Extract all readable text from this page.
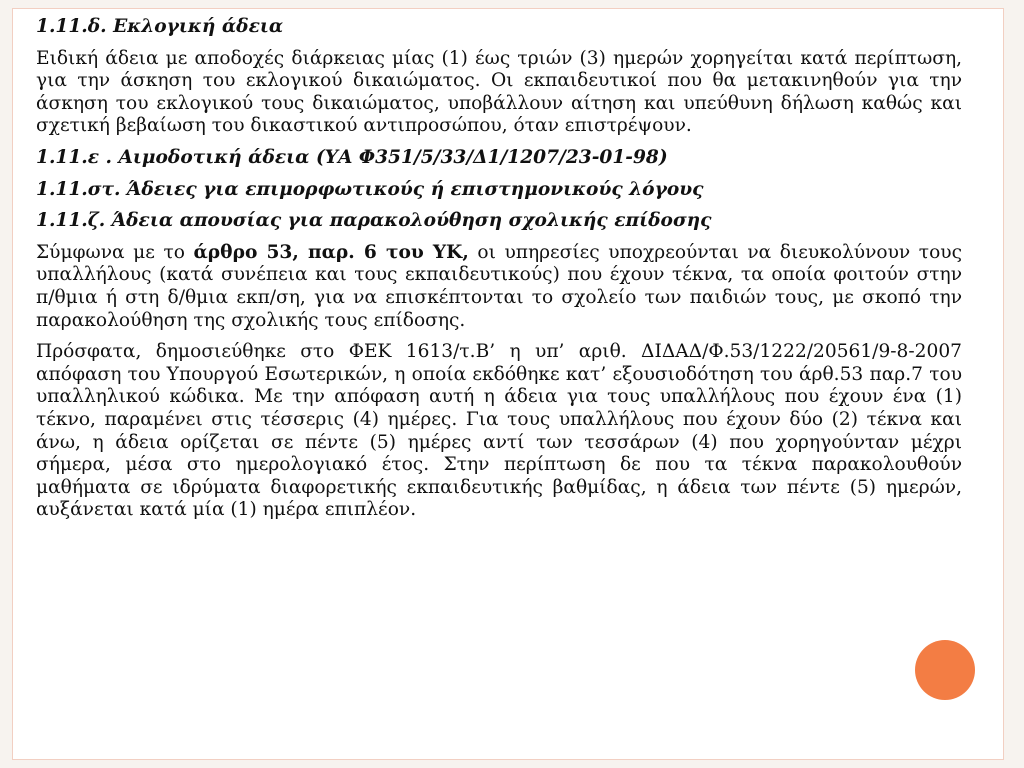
1.11.δ. Εκλογική άδεια
Ειδική άδεια με αποδοχές διάρκειας μίας (1) έως τριών (3) ημερών χορηγείται κατά περίπτωση, για την άσκηση του εκλογικού δικαιώματος. Οι εκπαιδευτικοί που θα μετακινηθούν για την άσκηση του εκλογικού τους δικαιώματος, υποβάλλουν αίτηση και υπεύθυνη δήλωση καθώς και σχετική βεβαίωση του δικαστικού αντιπροσώπου, όταν επιστρέψουν.
1.11.ε . Αιμοδοτική άδεια (ΥΑ Φ351/5/33/Δ1/1207/23-01-98)
1.11.στ. Άδειες για επιμορφωτικούς ή επιστημονικούς λόγους
1.11.ζ. Άδεια απουσίας για παρακολούθηση σχολικής επίδοσης
Σύμφωνα με το άρθρο 53, παρ. 6 του ΥΚ, οι υπηρεσίες υποχρεούνται να διευκολύνουν τους υπαλλήλους (κατά συνέπεια και τους εκπαιδευτικούς) που έχουν τέκνα, τα οποία φοιτούν στην π/θμια ή στη δ/θμια εκπ/ση, για να επισκέπτονται το σχολείο των παιδιών τους, με σκοπό την παρακολούθηση της σχολικής τους επίδοσης.
Πρόσφατα, δημοσιεύθηκε στο ΦΕΚ 1613/τ.Β’ η υπ’ αριθ. ΔΙΔΑΔ/Φ.53/1222/20561/9-8-2007 απόφαση του Υπουργού Εσωτερικών, η οποία εκδόθηκε κατ’ εξουσιοδότηση του άρθ.53 παρ.7 του υπαλληλικού κώδικα. Με την απόφαση αυτή η άδεια για τους υπαλλήλους που έχουν ένα (1) τέκνο, παραμένει στις τέσσερις (4) ημέρες. Για τους υπαλλήλους που έχουν δύο (2) τέκνα και άνω, η άδεια ορίζεται σε πέντε (5) ημέρες αντί των τεσσάρων (4) που χορηγούνταν μέχρι σήμερα, μέσα στο ημερολογιακό έτος. Στην περίπτωση δε που τα τέκνα παρακολουθούν μαθήματα σε ιδρύματα διαφορετικής εκπαιδευτικής βαθμίδας, η άδεια των πέντε (5) ημερών, αυξάνεται κατά μία (1) ημέρα επιπλέον.
